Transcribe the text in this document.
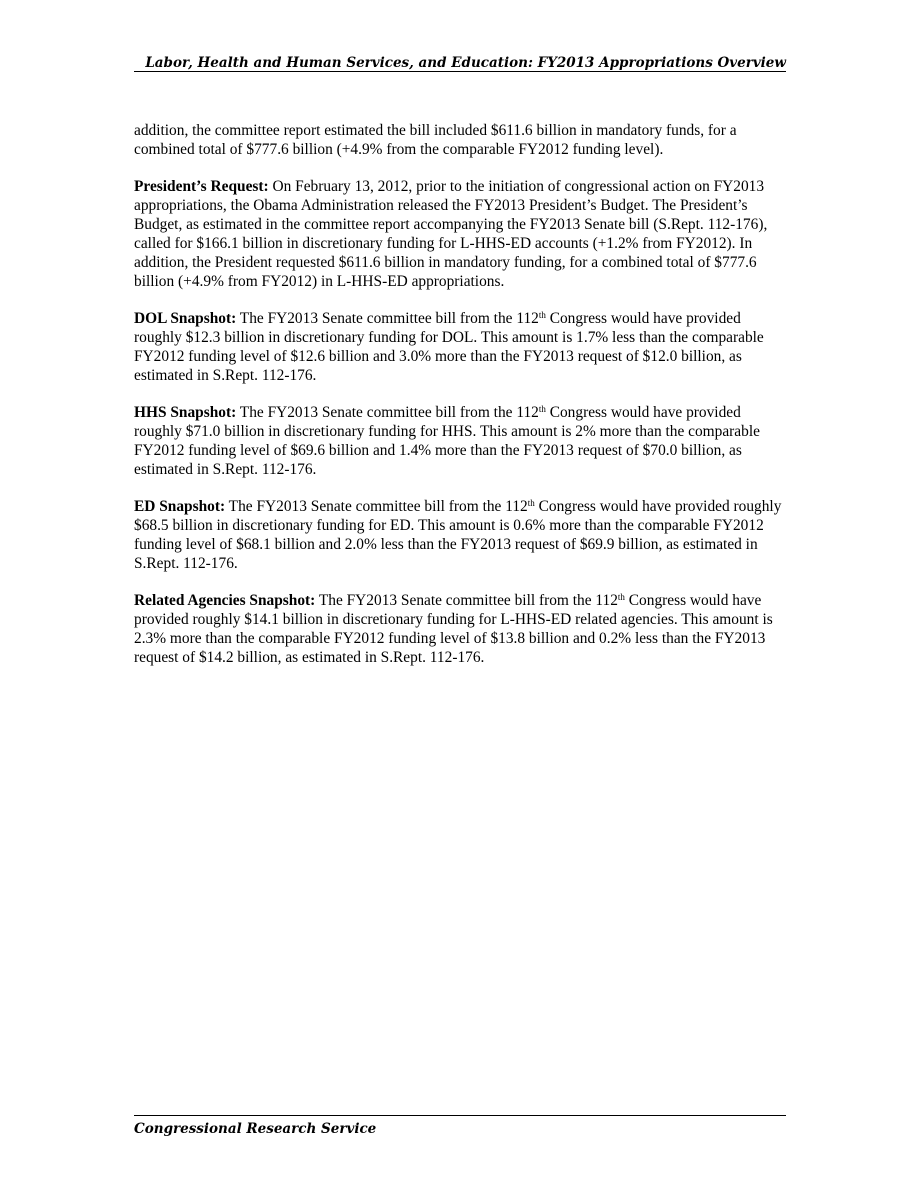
Labor, Health and Human Services, and Education: FY2013 Appropriations Overview

addition, the committee report estimated the bill included $611.6 billion in mandatory funds, for a combined total of $777.6 billion (+4.9% from the comparable FY2012 funding level).

President’s Request: On February 13, 2012, prior to the initiation of congressional action on FY2013 appropriations, the Obama Administration released the FY2013 President’s Budget. The President’s Budget, as estimated in the committee report accompanying the FY2013 Senate bill (S.Rept. 112-176), called for $166.1 billion in discretionary funding for L-HHS-ED accounts (+1.2% from FY2012). In addition, the President requested $611.6 billion in mandatory funding, for a combined total of $777.6 billion (+4.9% from FY2012) in L-HHS-ED appropriations.

DOL Snapshot: The FY2013 Senate committee bill from the 112th Congress would have provided roughly $12.3 billion in discretionary funding for DOL. This amount is 1.7% less than the comparable FY2012 funding level of $12.6 billion and 3.0% more than the FY2013 request of $12.0 billion, as estimated in S.Rept. 112-176.

HHS Snapshot: The FY2013 Senate committee bill from the 112th Congress would have provided roughly $71.0 billion in discretionary funding for HHS. This amount is 2% more than the comparable FY2012 funding level of $69.6 billion and 1.4% more than the FY2013 request of $70.0 billion, as estimated in S.Rept. 112-176.

ED Snapshot: The FY2013 Senate committee bill from the 112th Congress would have provided roughly $68.5 billion in discretionary funding for ED. This amount is 0.6% more than the comparable FY2012 funding level of $68.1 billion and 2.0% less than the FY2013 request of $69.9 billion, as estimated in S.Rept. 112-176.

Related Agencies Snapshot: The FY2013 Senate committee bill from the 112th Congress would have provided roughly $14.1 billion in discretionary funding for L-HHS-ED related agencies. This amount is 2.3% more than the comparable FY2012 funding level of $13.8 billion and 0.2% less than the FY2013 request of $14.2 billion, as estimated in S.Rept. 112-176.

Congressional Research Service
